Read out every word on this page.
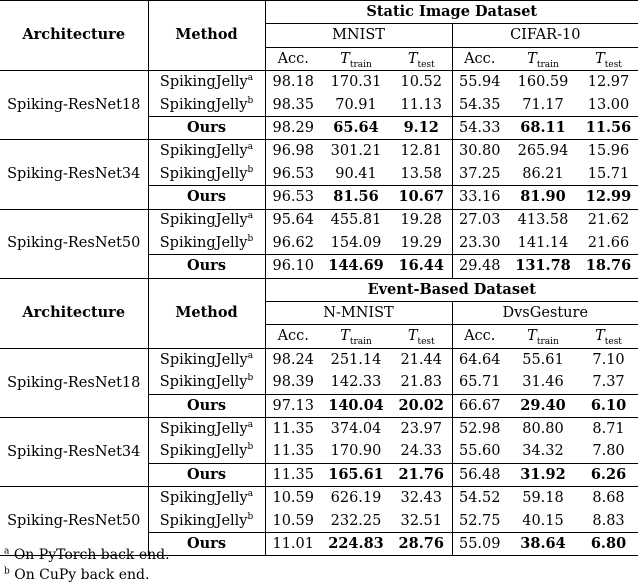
Architecture	Method	Static Image Dataset					
		MNIST			CIFAR-10		
		Acc.	$T_{train}$	$T_{test}$	Acc.	$T_{train}$	$T_{test}$
Spiking-ResNet18	SpikingJelly$^a$	98.18	170.31	10.52	55.94	160.59	12.97
	SpikingJelly$^b$	98.35	70.91	11.13	54.35	71.17	13.00
	Ours	98.29	65.64	9.12	54.33	68.11	11.56
Spiking-ResNet34	SpikingJelly$^a$	96.98	301.21	12.81	30.80	265.94	15.96
	SpikingJelly$^b$	96.53	90.41	13.58	37.25	86.21	15.71
	Ours	96.53	81.56	10.67	33.16	81.90	12.99
Spiking-ResNet50	SpikingJelly$^a$	95.64	455.81	19.28	27.03	413.58	21.62
	SpikingJelly$^b$	96.62	154.09	19.29	23.30	141.14	21.66
	Ours	96.10	144.69	16.44	29.48	131.78	18.76
Architecture	Method	Event-Based Dataset					
		N-MNIST			DvsGesture		
		Acc.	$T_{train}$	$T_{test}$	Acc.	$T_{train}$	$T_{test}$
Spiking-ResNet18	SpikingJelly$^a$	98.24	251.14	21.44	64.64	55.61	7.10
	SpikingJelly$^b$	98.39	142.33	21.83	65.71	31.46	7.37
	Ours	97.13	140.04	20.02	66.67	29.40	6.10
Spiking-ResNet34	SpikingJelly$^a$	11.35	374.04	23.97	52.98	80.80	8.71
	SpikingJelly$^b$	11.35	170.90	24.33	55.60	34.32	7.80
	Ours	11.35	165.61	21.76	56.48	31.92	6.26
Spiking-ResNet50	SpikingJelly$^a$	10.59	626.19	32.43	54.52	59.18	8.68
	SpikingJelly$^b$	10.59	232.25	32.51	52.75	40.15	8.83
	Ours	11.01	224.83	28.76	55.09	38.64	6.80
$^a$ On PyTorch back end.
$^b$ On CuPy back end.
